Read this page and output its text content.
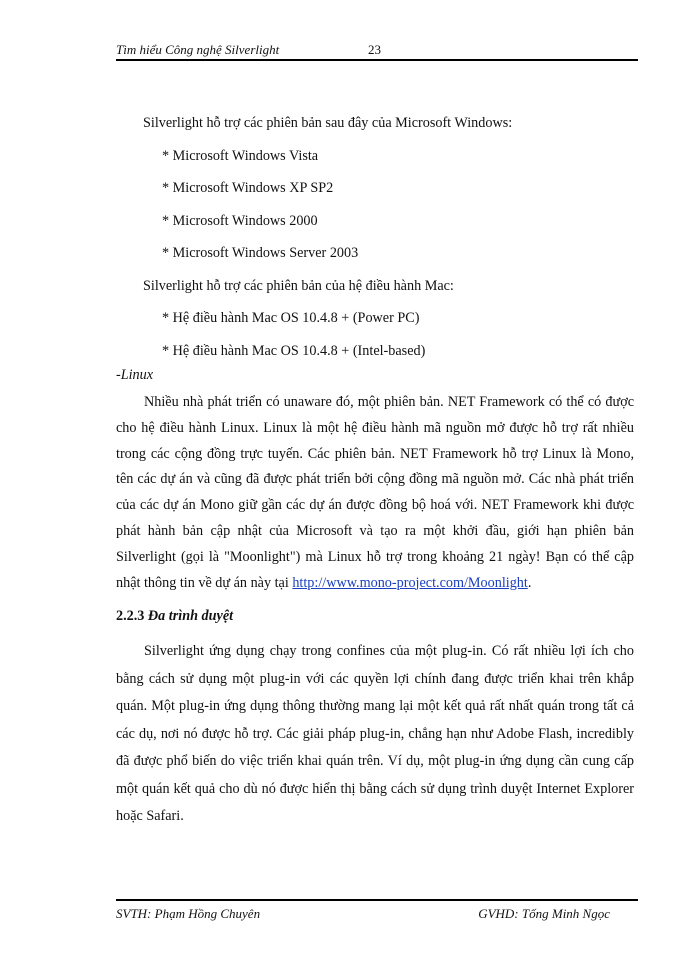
Tìm hiểu Công nghệ Silverlight	23
Silverlight hỗ trợ các phiên bản sau đây của Microsoft Windows:
* Microsoft Windows Vista
* Microsoft Windows XP SP2
* Microsoft Windows 2000
* Microsoft Windows Server 2003
Silverlight hỗ trợ các phiên bản của hệ điều hành Mac:
* Hệ điều hành Mac OS 10.4.8 + (Power PC)
* Hệ điều hành Mac OS 10.4.8 + (Intel-based)
-Linux

Nhiều nhà phát triển có unaware đó, một phiên bản. NET Framework có thể có được cho hệ điều hành Linux. Linux là một hệ điều hành mã nguồn mở được hỗ trợ rất nhiều trong các cộng đồng trực tuyến. Các phiên bản. NET Framework hỗ trợ Linux là Mono, tên các dự án và cũng đã được phát triển bởi cộng đồng mã nguồn mở. Các nhà phát triển của các dự án Mono giữ gần các dự án được đồng bộ hoá với. NET Framework khi được phát hành bản cập nhật của Microsoft và tạo ra một khởi đầu, giới hạn phiên bản Silverlight (gọi là "Moonlight") mà Linux hỗ trợ trong khoảng 21 ngày! Bạn có thể cập nhật thông tin về dự án này tại http://www.mono-project.com/Moonlight.

2.2.3 Đa trình duyệt

Silverlight ứng dụng chạy trong confines của một plug-in. Có rất nhiều lợi ích cho bằng cách sử dụng một plug-in với các quyền lợi chính đang được triển khai trên khắp quán. Một plug-in ứng dụng thông thường mang lại một kết quả rất nhất quán trong tất cả các dụ, nơi nó được hỗ trợ. Các giải pháp plug-in, chẳng hạn như Adobe Flash, incredibly đã được phổ biến do việc triển khai quán trên. Ví dụ, một plug-in ứng dụng cần cung cấp một quán kết quả cho dù nó được hiển thị bằng cách sử dụng trình duyệt Internet Explorer hoặc Safari.

SVTH: Phạm Hồng Chuyên	GVHD: Tống Minh Ngọc
